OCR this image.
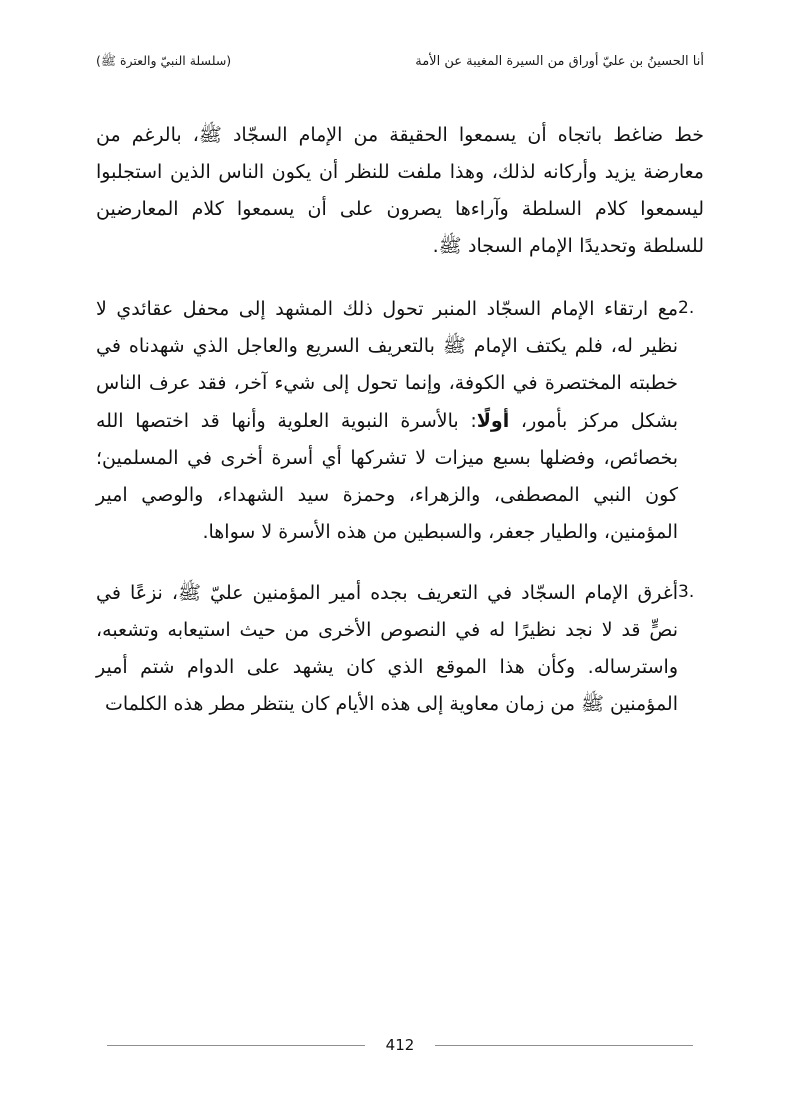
(سلسلة النبيّ والعترة ﷺ)	أنا الحسينُ بن عليّ أوراق من السيرة المغيبة عن الأمة

خط ضاغط باتجاه أن يسمعوا الحقيقة من الإمام السجّاد ﷺ، بالرغم من معارضة يزيد وأركانه لذلك، وهذا ملفت للنظر أن يكون الناس الذين استجلبوا ليسمعوا كلام السلطة وآراءها يصرون على أن يسمعوا كلام المعارضين للسلطة وتحديدًا الإمام السجاد ﷺ.

2.
مع ارتقاء الإمام السجّاد المنبر تحول ذلك المشهد إلى محفل عقائدي لا نظير له، فلم يكتف الإمام ﷺ بالتعريف السريع والعاجل الذي شهدناه في خطبته المختصرة في الكوفة، وإنما تحول إلى شيء آخر، فقد عرف الناس بشكل مركز بأمور، أولًا: بالأسرة النبوية العلوية وأنها قد اختصها الله بخصائص، وفضلها بسبع ميزات لا تشركها أي أسرة أخرى في المسلمين؛ كون النبي المصطفى، والزهراء، وحمزة سيد الشهداء، والوصي امير المؤمنين، والطيار جعفر، والسبطين من هذه الأسرة لا سواها.
3.
أغرق الإمام السجّاد في التعريف بجده أمير المؤمنين عليّ ﷺ، نزعًا في نصٍّ قد لا نجد نظيرًا له في النصوص الأخرى من حيث استيعابه وتشعبه، واسترساله. وكأن هذا الموقع الذي كان يشهد على الدوام شتم أمير المؤمنين ﷺ من زمان معاوية إلى هذه الأيام كان ينتظر مطر هذه الكلمات
412
